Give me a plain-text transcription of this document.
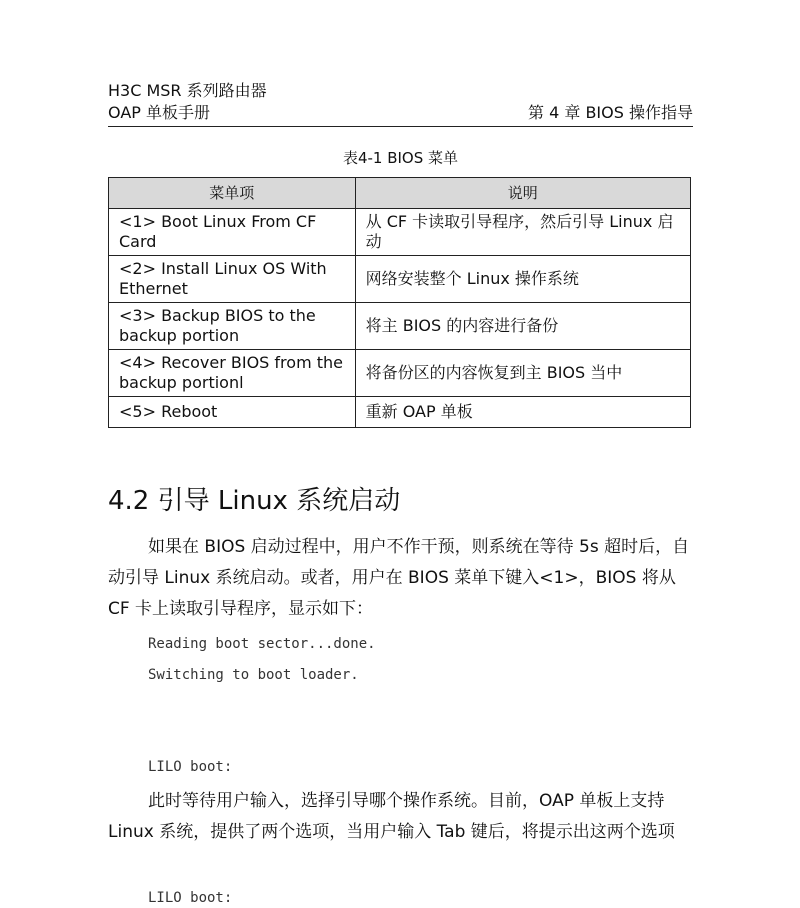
H3C MSR 系列路由器
OAP 单板手册	第 4 章 BIOS 操作指导
表4-1 BIOS 菜单
菜单项	说明
<1> Boot Linux From CF Card	从 CF 卡读取引导程序，然后引导 Linux 启动
<2> Install Linux OS With Ethernet	网络安装整个 Linux 操作系统
<3> Backup BIOS to the backup portion	将主 BIOS 的内容进行备份
<4> Recover BIOS from the backup portionl	将备份区的内容恢复到主 BIOS 当中
<5> Reboot	重新 OAP 单板
4.2 引导 Linux 系统启动
如果在 BIOS 启动过程中，用户不作干预，则系统在等待 5s 超时后，自动引导 Linux 系统启动。或者，用户在 BIOS 菜单下键入<1>，BIOS 将从 CF 卡上读取引导程序，显示如下：
Reading boot sector...done.
Switching to boot loader.
LILO boot:
此时等待用户输入，选择引导哪个操作系统。目前，OAP 单板上支持 Linux 系统，提供了两个选项，当用户输入 Tab 键后，将提示出这两个选项
LILO boot:
